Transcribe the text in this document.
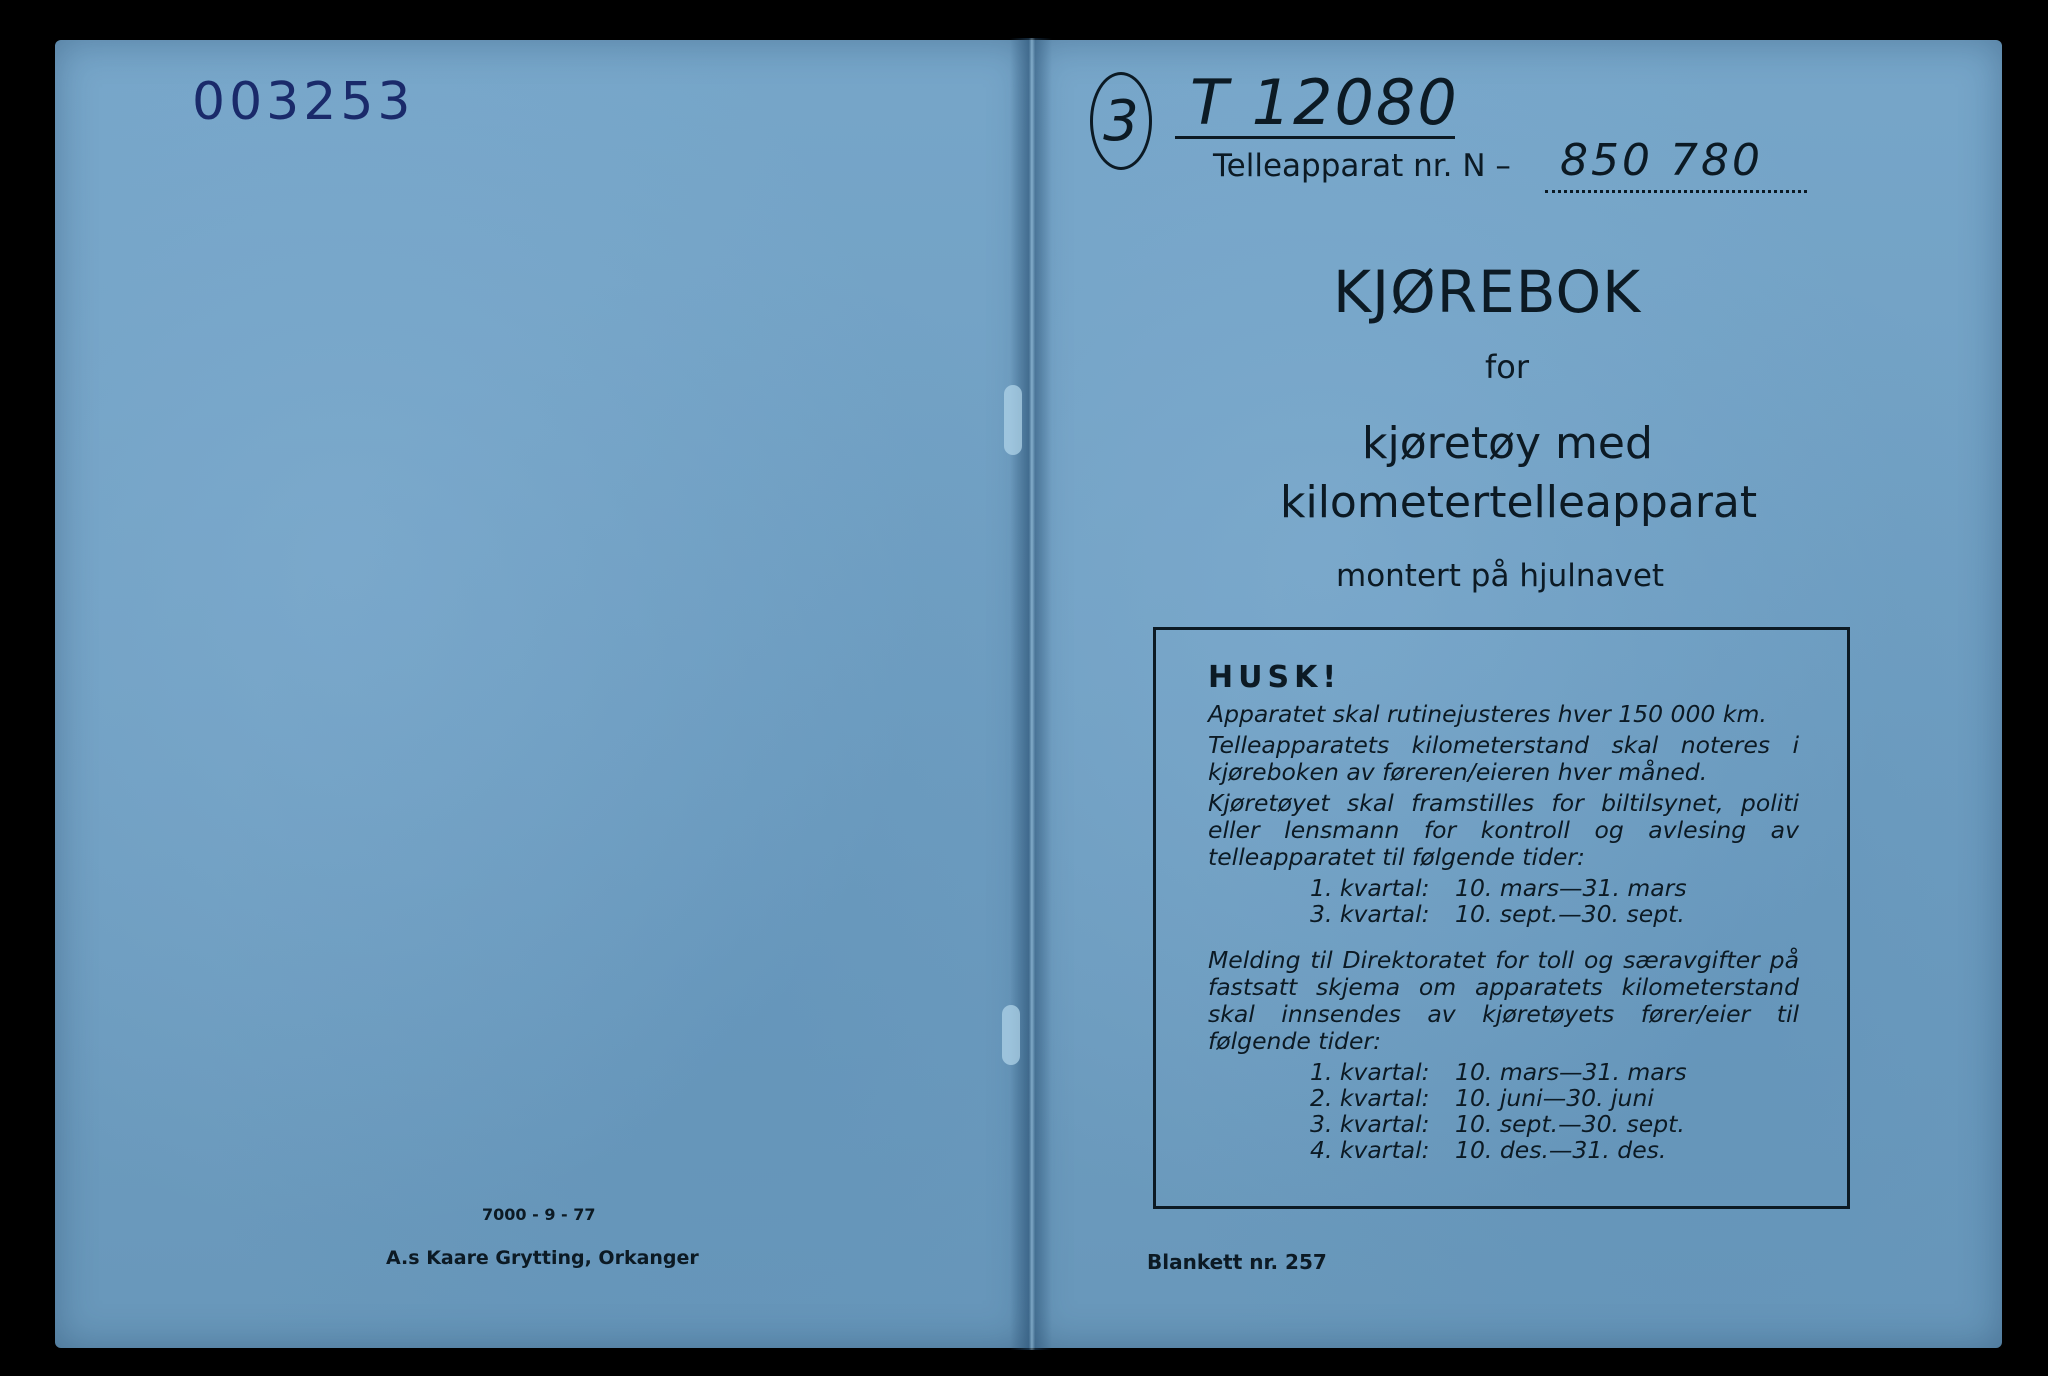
003253
7000 - 9 - 77
A.s Kaare Grytting, Orkanger
3 T 12080
Telleapparat nr. N – 850 780
KJØREBOK
for
kjøretøy med
kilometertelleapparat
montert på hjulnavet
HUSK!

Apparatet skal rutinejusteres hver 150 000 km.

Telleapparatets kilometerstand skal noteres i kjøreboken av føreren/eieren hver måned.

Kjøretøyet skal framstilles for biltilsynet, politi eller lensmann for kontroll og avlesing av telleapparatet til følgende tider:

1. kvartal:	10. mars—31. mars
3. kvartal:	10. sept.—30. sept.

Melding til Direktoratet for toll og særavgifter på fastsatt skjema om apparatets kilometerstand skal innsendes av kjøretøyets fører/eier til følgende tider:

1. kvartal:	10. mars—31. mars
2. kvartal:	10. juni—30. juni
3. kvartal:	10. sept.—30. sept.
4. kvartal:	10. des.—31. des.
Blankett nr. 257
